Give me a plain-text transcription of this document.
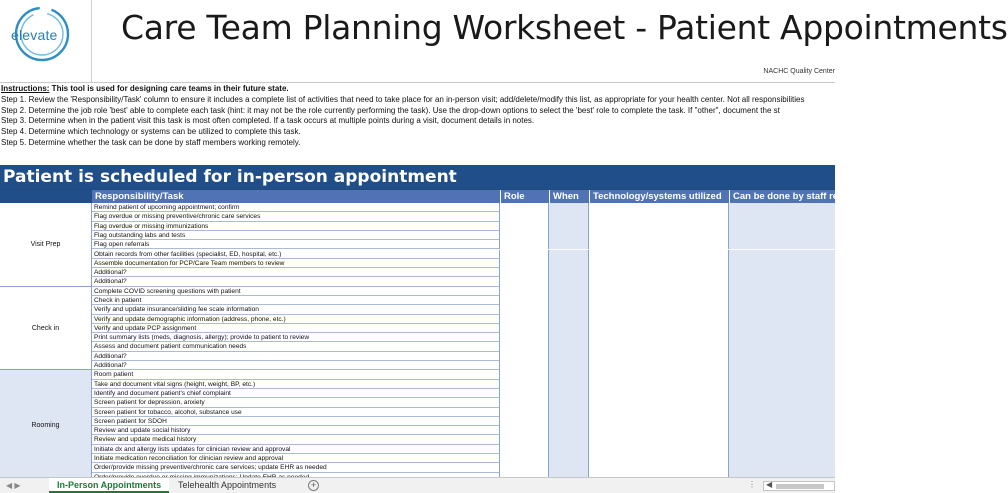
elevate Care Team Planning Worksheet - Patient Appointments
NACHC Quality Center
Instructions: This tool is used for designing care teams in their future state.
Step 1. Review the 'Responsibility/Task' column to ensure it includes a complete list of activities that need to take place for an in-person visit; add/delete/modify this list, as appropriate for your health center. Not all responsibilities
Step 2. Determine the job role 'best' able to complete each task (hint: it may not be the role currently performing the task). Use the drop-down options to select the 'best' role to complete the task. If "other", document the st
Step 3. Determine when in the patient visit this task is most often completed. If a task occurs at multiple points during a visit, document details in notes.
Step 4. Determine which technology or systems can be utilized to complete this task.
Step 5. Determine whether the task can be done by staff members working remotely.
Patient is scheduled for in-person appointment
Responsibility/Task	Role	When	Technology/systems utilized	Can be done by staff re
Visit Prep
Remind patient of upcoming appointment; confirm
Flag overdue or missing preventive/chronic care services
Flag overdue or missing immunizations
Flag outstanding labs and tests
Flag open referrals
Obtain records from other facilities (specialist, ED, hospital, etc.)
Assemble documentation for PCP/Care Team members to review
Additional?
Additional?
Check in
Complete COVID screening questions with patient
Check in patient
Verify and update insurance/sliding fee scale information
Verify and update demographic information (address, phone, etc.)
Verify and update PCP assignment
Print summary lists (meds, diagnosis, allergy); provide to patient to review
Assess and document patient communication needs
Additional?
Additional?
Rooming
Room patient
Take and document vital signs (height, weight, BP, etc.)
Identify and document patient's chief complaint
Screen patient for depression, anxiety
Screen patient for tobacco, alcohol, substance use
Screen patient for SDOH
Review and update social history
Review and update medical history
Initiate dx and allergy lists updates for clinician review and approval
Initiate medication reconciliation for clinician review and approval
Order/provide missing preventive/chronic care services; update EHR as needed
◀ ▶	In-Person Appointments	Telehealth Appointments	+	⋮ ◀
